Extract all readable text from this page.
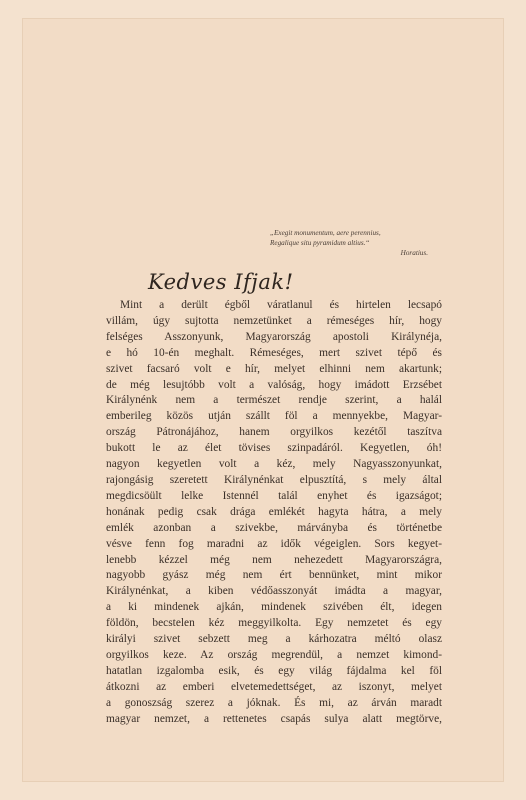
„Exegit monumentum, aere perennius,
Regalique situ pyramidum altius.“
Horatius.
Kedves Ifjak!
Mint a derült égből váratlanul és hirtelen lecsapó
villám, úgy sujtotta nemzetünket a rémeséges hír, hogy
felséges Asszonyunk, Magyarország apostoli Királynéja,
e hó 10-én meghalt. Rémeséges, mert szivet tépő és
szivet facsaró volt e hír, melyet elhinni nem akartunk;
de még lesujtóbb volt a valóság, hogy imádott Erzsébet
Királynénk nem a természet rendje szerint, a halál
emberileg közös utján szállt föl a mennyekbe, Magyar-
ország Pátronájához, hanem orgyilkos kezétől taszítva
bukott le az élet tövises szinpadáról. Kegyetlen, óh!
nagyon kegyetlen volt a kéz, mely Nagyasszonyunkat,
rajongásig szeretett Királynénkat elpusztítá, s mely által
megdicsöült lelke Istennél talál enyhet és igazságot;
honának pedig csak drága emlékét hagyta hátra, a mely
emlék azonban a szivekbe, márványba és történetbe
vésve fenn fog maradni az idők végeiglen. Sors kegyet-
lenebb kézzel még nem nehezedett Magyarországra,
nagyobb gyász még nem ért bennünket, mint mikor
Királynénkat, a kiben védőasszonyát imádta a magyar,
a ki mindenek ajkán, mindenek szivében élt, idegen
földön, becstelen kéz meggyilkolta. Egy nemzetet és egy
királyi szivet sebzett meg a kárhozatra méltó olasz
orgyilkos keze. Az ország megrendül, a nemzet kimond-
hatatlan izgalomba esik, és egy világ fájdalma kel föl
átkozni az emberi elvetemedettséget, az iszonyt, melyet
a gonoszság szerez a jóknak. És mi, az árván maradt
magyar nemzet, a rettenetes csapás sulya alatt megtörve,
